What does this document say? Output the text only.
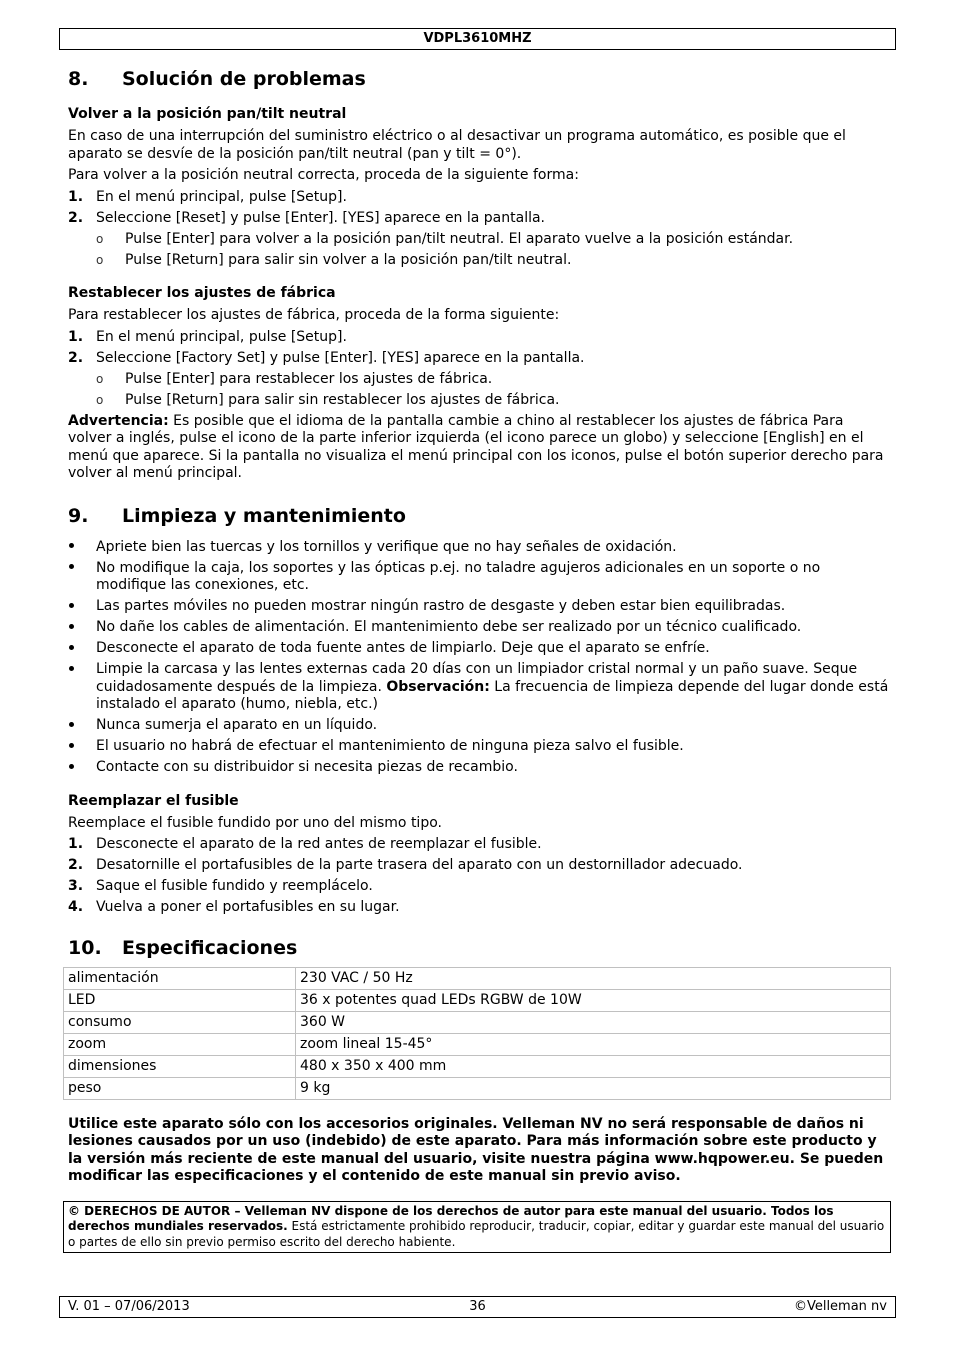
VDPL3610MHZ
8.	Solución de problemas
Volver a la posición pan/tilt neutral

En caso de una interrupción del suministro eléctrico o al desactivar un programa automático, es posible que el aparato se desvíe de la posición pan/tilt neutral (pan y tilt = 0°).

Para volver a la posición neutral correcta, proceda de la siguiente forma:

1. En el menú principal, pulse [Setup].
2. Seleccione [Reset] y pulse [Enter]. [YES] aparece en la pantalla.
o	Pulse [Enter] para volver a la posición pan/tilt neutral. El aparato vuelve a la posición estándar.
o	Pulse [Return] para salir sin volver a la posición pan/tilt neutral.
Restablecer los ajustes de fábrica

Para restablecer los ajustes de fábrica, proceda de la forma siguiente:

1. En el menú principal, pulse [Setup].
2. Seleccione [Factory Set] y pulse [Enter]. [YES] aparece en la pantalla.
o	Pulse [Enter] para restablecer los ajustes de fábrica.
o	Pulse [Return] para salir sin restablecer los ajustes de fábrica.

Advertencia: Es posible que el idioma de la pantalla cambie a chino al restablecer los ajustes de fábrica Para volver a inglés, pulse el icono de la parte inferior izquierda (el icono parece un globo) y seleccione [English] en el menú que aparece. Si la pantalla no visualiza el menú principal con los iconos, pulse el botón superior derecho para volver al menú principal.

9.	Limpieza y mantenimiento
Apriete bien las tuercas y los tornillos y verifique que no hay señales de oxidación.
No modifique la caja, los soportes y las ópticas p.ej. no taladre agujeros adicionales en un soporte o no modifique las conexiones, etc.
Las partes móviles no pueden mostrar ningún rastro de desgaste y deben estar bien equilibradas.
No dañe los cables de alimentación. El mantenimiento debe ser realizado por un técnico cualificado.
Desconecte el aparato de toda fuente antes de limpiarlo. Deje que el aparato se enfríe.
Limpie la carcasa y las lentes externas cada 20 días con un limpiador cristal normal y un paño suave. Seque cuidadosamente después de la limpieza. Observación: La frecuencia de limpieza depende del lugar donde está instalado el aparato (humo, niebla, etc.)
Nunca sumerja el aparato en un líquido.
El usuario no habrá de efectuar el mantenimiento de ninguna pieza salvo el fusible.
Contacte con su distribuidor si necesita piezas de recambio.
Reemplazar el fusible

Reemplace el fusible fundido por uno del mismo tipo.

1. Desconecte el aparato de la red antes de reemplazar el fusible.
2. Desatornille el portafusibles de la parte trasera del aparato con un destornillador adecuado.
3. Saque el fusible fundido y reemplácelo.
4. Vuelva a poner el portafusibles en su lugar.
10.	Especificaciones
alimentación	230 VAC / 50 Hz
LED	36 x potentes quad LEDs RGBW de 10W
consumo	360 W
zoom	zoom lineal 15-45°
dimensiones	480 x 350 x 400 mm
peso	9 kg

Utilice este aparato sólo con los accesorios originales. Velleman NV no será responsable de daños ni lesiones causados por un uso (indebido) de este aparato. Para más información sobre este producto y la versión más reciente de este manual del usuario, visite nuestra página www.hqpower.eu. Se pueden modificar las especificaciones y el contenido de este manual sin previo aviso.

© DERECHOS DE AUTOR – Velleman NV dispone de los derechos de autor para este manual del usuario. Todos los derechos mundiales reservados. Está estrictamente prohibido reproducir, traducir, copiar, editar y guardar este manual del usuario o partes de ello sin previo permiso escrito del derecho habiente.
V. 01 – 07/06/2013	36	©Velleman nv
